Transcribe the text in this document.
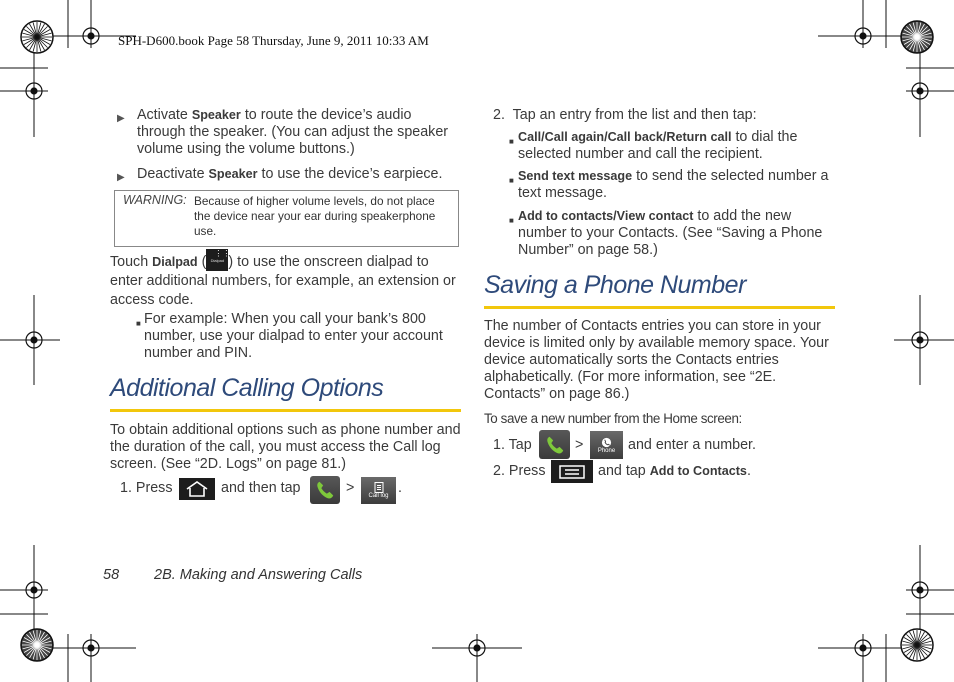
SPH-D600.book Page 58 Thursday, June 9, 2011 10:33 AM
▶ Activate Speaker to route the device’s audio through the speaker. (You can adjust the speaker volume using the volume buttons.)
▶ Deactivate Speaker to use the device’s earpiece.
WARNING: Because of higher volume levels, do not place the device near your ear during speakerphone use.
Touch Dialpad (
⋮⋮
Dialpad ) to use the onscreen dialpad to enter additional numbers, for example, an extension or access code.
■ For example: When you call your bank’s 800 number, use your dialpad to enter your account number and PIN.
Additional Calling Options
To obtain additional options such as phone number and the duration of the call, you must access the Call log screen. (See “2D. Logs” on page 81.)
1. Press	and then tap	> Call log .
2.  Tap an entry from the list and then tap:
■ Call/Call again/Call back/Return call to dial the selected number and call the recipient.
■ Send text message to send the selected number a text message.
■ Add to contacts/View contact to add the new number to your Contacts. (See “Saving a Phone Number” on page 58.)
Saving a Phone Number
The number of Contacts entries you can store in your device is limited only by available memory space. Your device automatically sorts the Contacts entries alphabetically. (For more information, see “2E. Contacts” on page 86.)
To save a new number from the Home screen:
1. Tap	> Phone and enter a number.
2. Press	and tap Add to Contacts.
58 2B. Making and Answering Calls
